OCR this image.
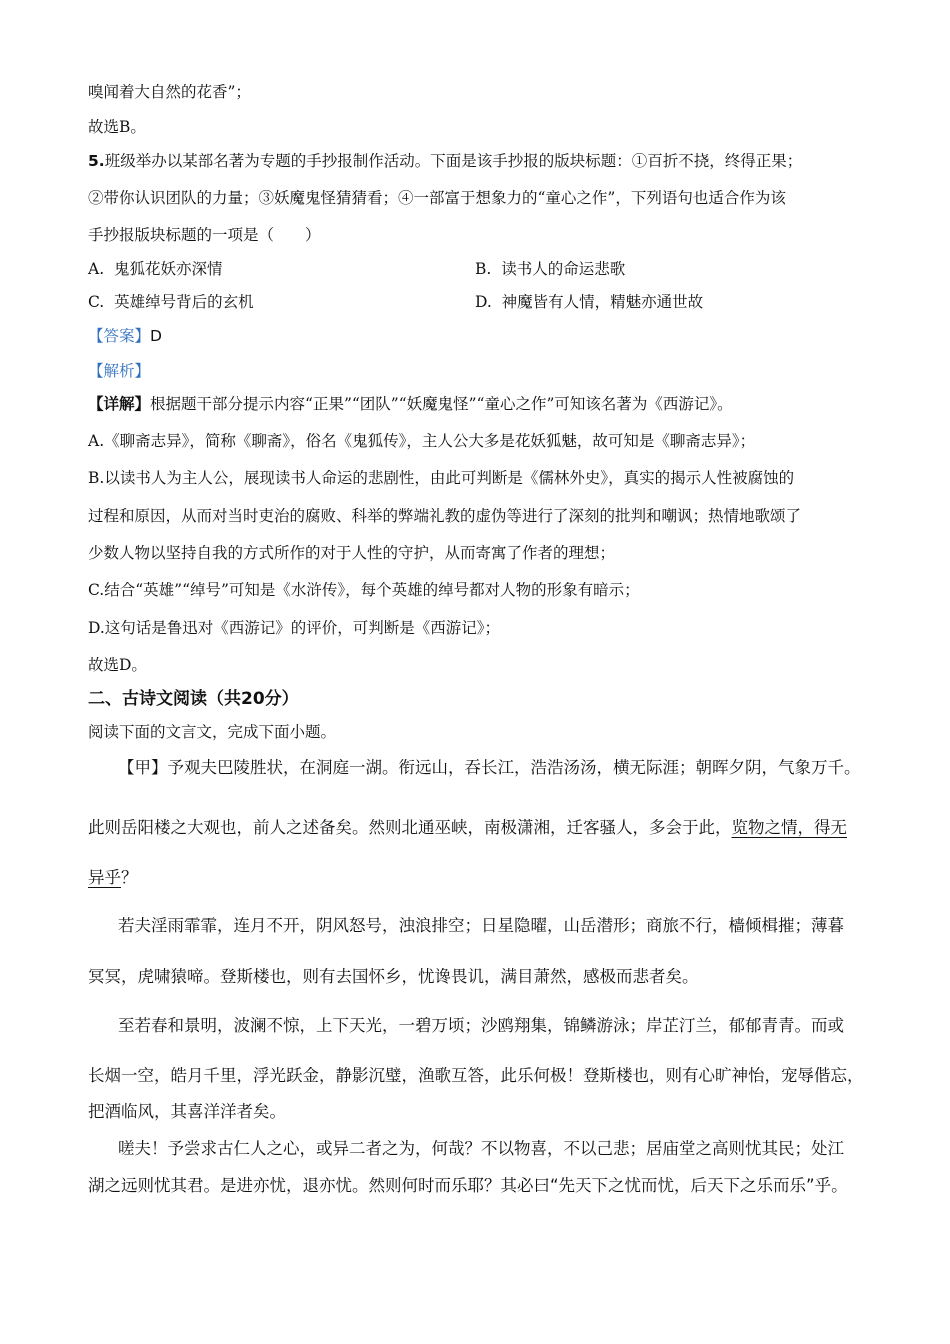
嗅闻着大自然的花香”；
故选B。
5.班级举办以某部名著为专题的手抄报制作活动。下面是该手抄报的版块标题：①百折不挠，终得正果；
②带你认识团队的力量；③妖魔鬼怪猜猜看；④一部富于想象力的“童心之作”，下列语句也适合作为该
手抄报版块标题的一项是（　　）
A. 鬼狐花妖亦深情	B. 读书人的命运悲歌
C. 英雄绰号背后的玄机	D. 神魔皆有人情，精魅亦通世故
【答案】D
【解析】
【详解】根据题干部分提示内容“正果”“团队”“妖魔鬼怪”“童心之作”可知该名著为《西游记》。
A.《聊斋志异》，简称《聊斋》，俗名《鬼狐传》，主人公大多是花妖狐魅，故可知是《聊斋志异》；
B.以读书人为主人公，展现读书人命运的悲剧性，由此可判断是《儒林外史》，真实的揭示人性被腐蚀的
过程和原因，从而对当时吏治的腐败、科举的弊端礼教的虚伪等进行了深刻的批判和嘲讽；热情地歌颂了
少数人物以坚持自我的方式所作的对于人性的守护，从而寄寓了作者的理想；
C.结合“英雄”“绰号”可知是《水浒传》，每个英雄的绰号都对人物的形象有暗示；
D.这句话是鲁迅对《西游记》的评价，可判断是《西游记》；
故选D。
二、古诗文阅读（共20分）
阅读下面的文言文，完成下面小题。
【甲】予观夫巴陵胜状，在洞庭一湖。衔远山，吞长江，浩浩汤汤，横无际涯；朝晖夕阴，气象万千。
此则岳阳楼之大观也，前人之述备矣。然则北通巫峡，南极潇湘，迁客骚人，多会于此，览物之情，得无
异乎？
若夫淫雨霏霏，连月不开，阴风怒号，浊浪排空；日星隐曜，山岳潜形；商旅不行，樯倾楫摧；薄暮
冥冥，虎啸猿啼。登斯楼也，则有去国怀乡，忧谗畏讥，满目萧然，感极而悲者矣。
至若春和景明，波澜不惊，上下天光，一碧万顷；沙鸥翔集，锦鳞游泳；岸芷汀兰，郁郁青青。而或
长烟一空，皓月千里，浮光跃金，静影沉璧，渔歌互答，此乐何极！登斯楼也，则有心旷神怡，宠辱偕忘，
把酒临风，其喜洋洋者矣。
嗟夫！予尝求古仁人之心，或异二者之为，何哉？不以物喜，不以己悲；居庙堂之高则忧其民；处江
湖之远则忧其君。是进亦忧，退亦忧。然则何时而乐耶？其必曰“先天下之忧而忧，后天下之乐而乐”乎。
